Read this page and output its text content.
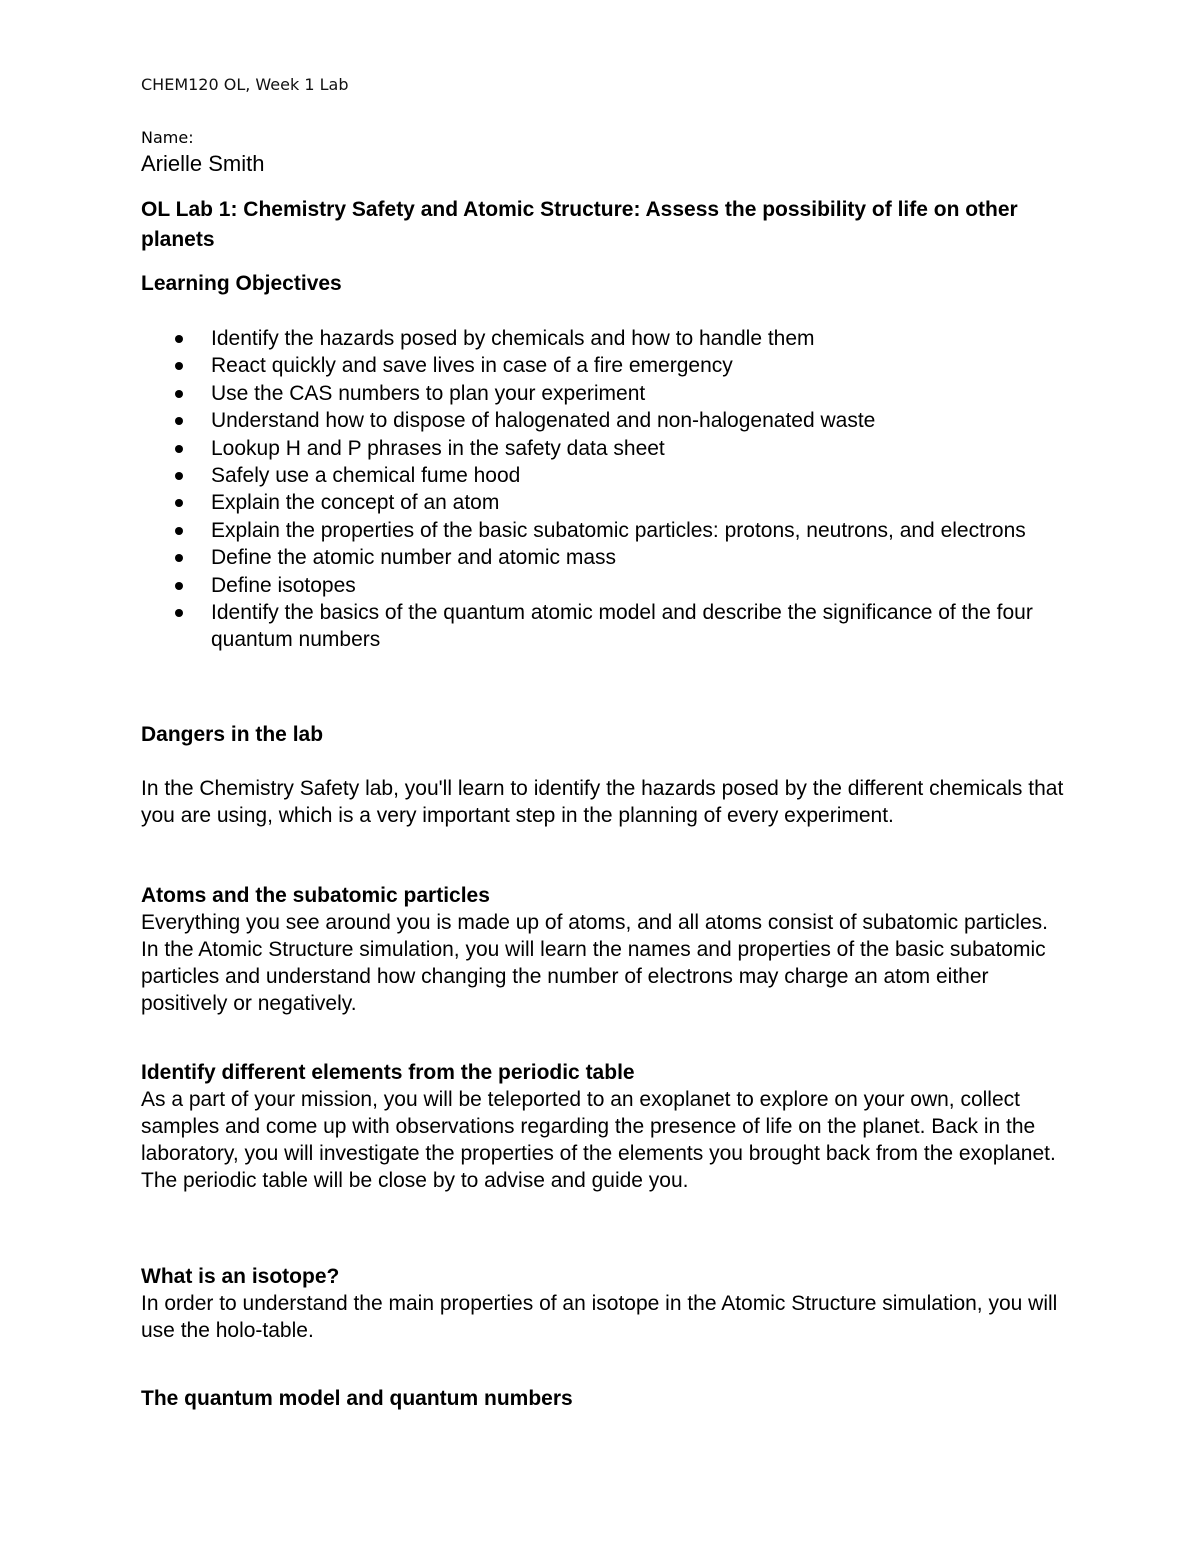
CHEM120 OL, Week 1 Lab
Name:
Arielle Smith
OL Lab 1: Chemistry Safety and Atomic Structure: Assess the possibility of life on other planets
Learning Objectives
Identify the hazards posed by chemicals and how to handle them
React quickly and save lives in case of a fire emergency
Use the CAS numbers to plan your experiment
Understand how to dispose of halogenated and non-halogenated waste
Lookup H and P phrases in the safety data sheet
Safely use a chemical fume hood
Explain the concept of an atom
Explain the properties of the basic subatomic particles: protons, neutrons, and electrons
Define the atomic number and atomic mass
Define isotopes
Identify the basics of the quantum atomic model and describe the significance of the four quantum numbers
Dangers in the lab
In the Chemistry Safety lab, you'll learn to identify the hazards posed by the different chemicals that you are using, which is a very important step in the planning of every experiment.
Atoms and the subatomic particles
Everything you see around you is made up of atoms, and all atoms consist of subatomic particles. In the Atomic Structure simulation, you will learn the names and properties of the basic subatomic particles and understand how changing the number of electrons may charge an atom either positively or negatively.
Identify different elements from the periodic table
As a part of your mission, you will be teleported to an exoplanet to explore on your own, collect samples and come up with observations regarding the presence of life on the planet. Back in the laboratory, you will investigate the properties of the elements you brought back from the exoplanet. The periodic table will be close by to advise and guide you.
What is an isotope?
In order to understand the main properties of an isotope in the Atomic Structure simulation, you will use the holo-table.
The quantum model and quantum numbers
